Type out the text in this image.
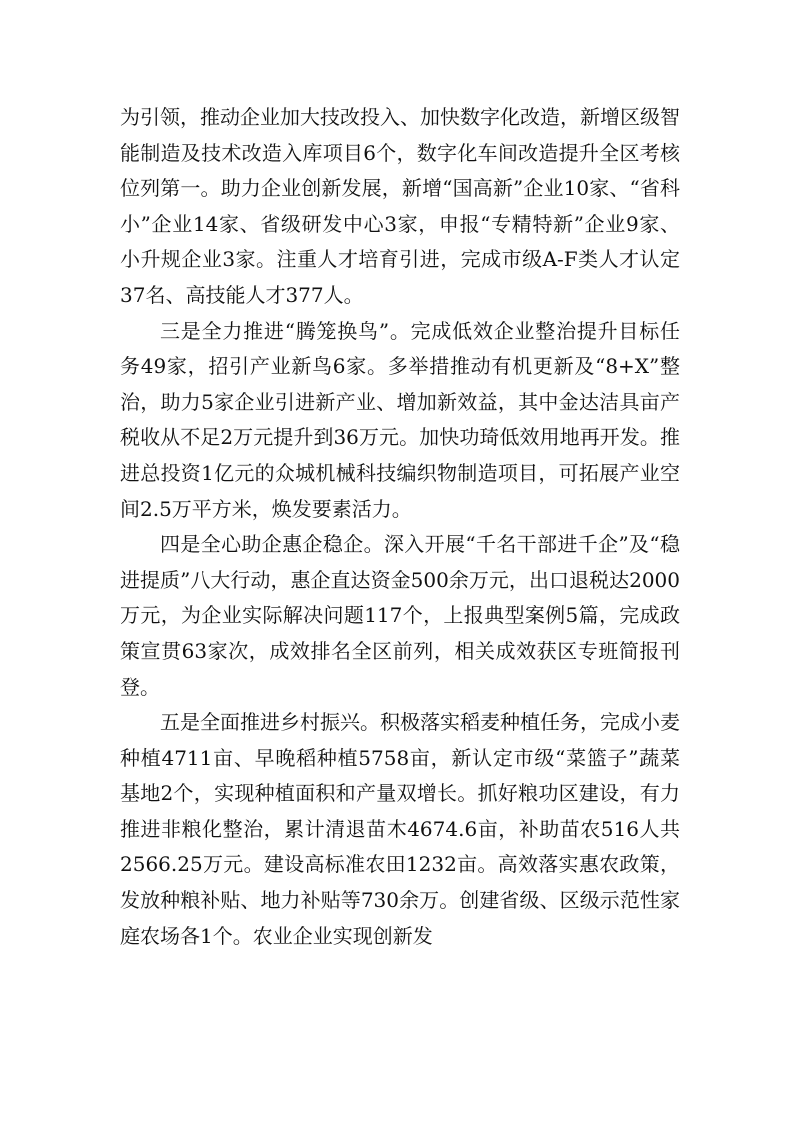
为引领，推动企业加大技改投入、加快数字化改造，新增区级智能制造及技术改造入库项目6个，数字化车间改造提升全区考核位列第一。助力企业创新发展，新增“国高新”企业10家、“省科小”企业14家、省级研发中心3家，申报“专精特新”企业9家、小升规企业3家。注重人才培育引进，完成市级A-F类人才认定37名、高技能人才377人。

三是全力推进“腾笼换鸟”。完成低效企业整治提升目标任务49家，招引产业新鸟6家。多举措推动有机更新及“8+X”整治，助力5家企业引进新产业、增加新效益，其中金达洁具亩产税收从不足2万元提升到36万元。加快功琦低效用地再开发。推进总投资1亿元的众城机械科技编织物制造项目，可拓展产业空间2.5万平方米，焕发要素活力。

四是全心助企惠企稳企。深入开展“千名干部进千企”及“稳进提质”八大行动，惠企直达资金500余万元，出口退税达2000万元，为企业实际解决问题117个，上报典型案例5篇，完成政策宣贯63家次，成效排名全区前列，相关成效获区专班简报刊登。

五是全面推进乡村振兴。积极落实稻麦种植任务，完成小麦种植4711亩、早晚稻种植5758亩，新认定市级“菜篮子”蔬菜基地2个，实现种植面积和产量双增长。抓好粮功区建设，有力推进非粮化整治，累计清退苗木4674.6亩，补助苗农516人共2566.25万元。建设高标准农田1232亩。高效落实惠农政策，发放种粮补贴、地力补贴等730余万。创建省级、区级示范性家庭农场各1个。农业企业实现创新发
